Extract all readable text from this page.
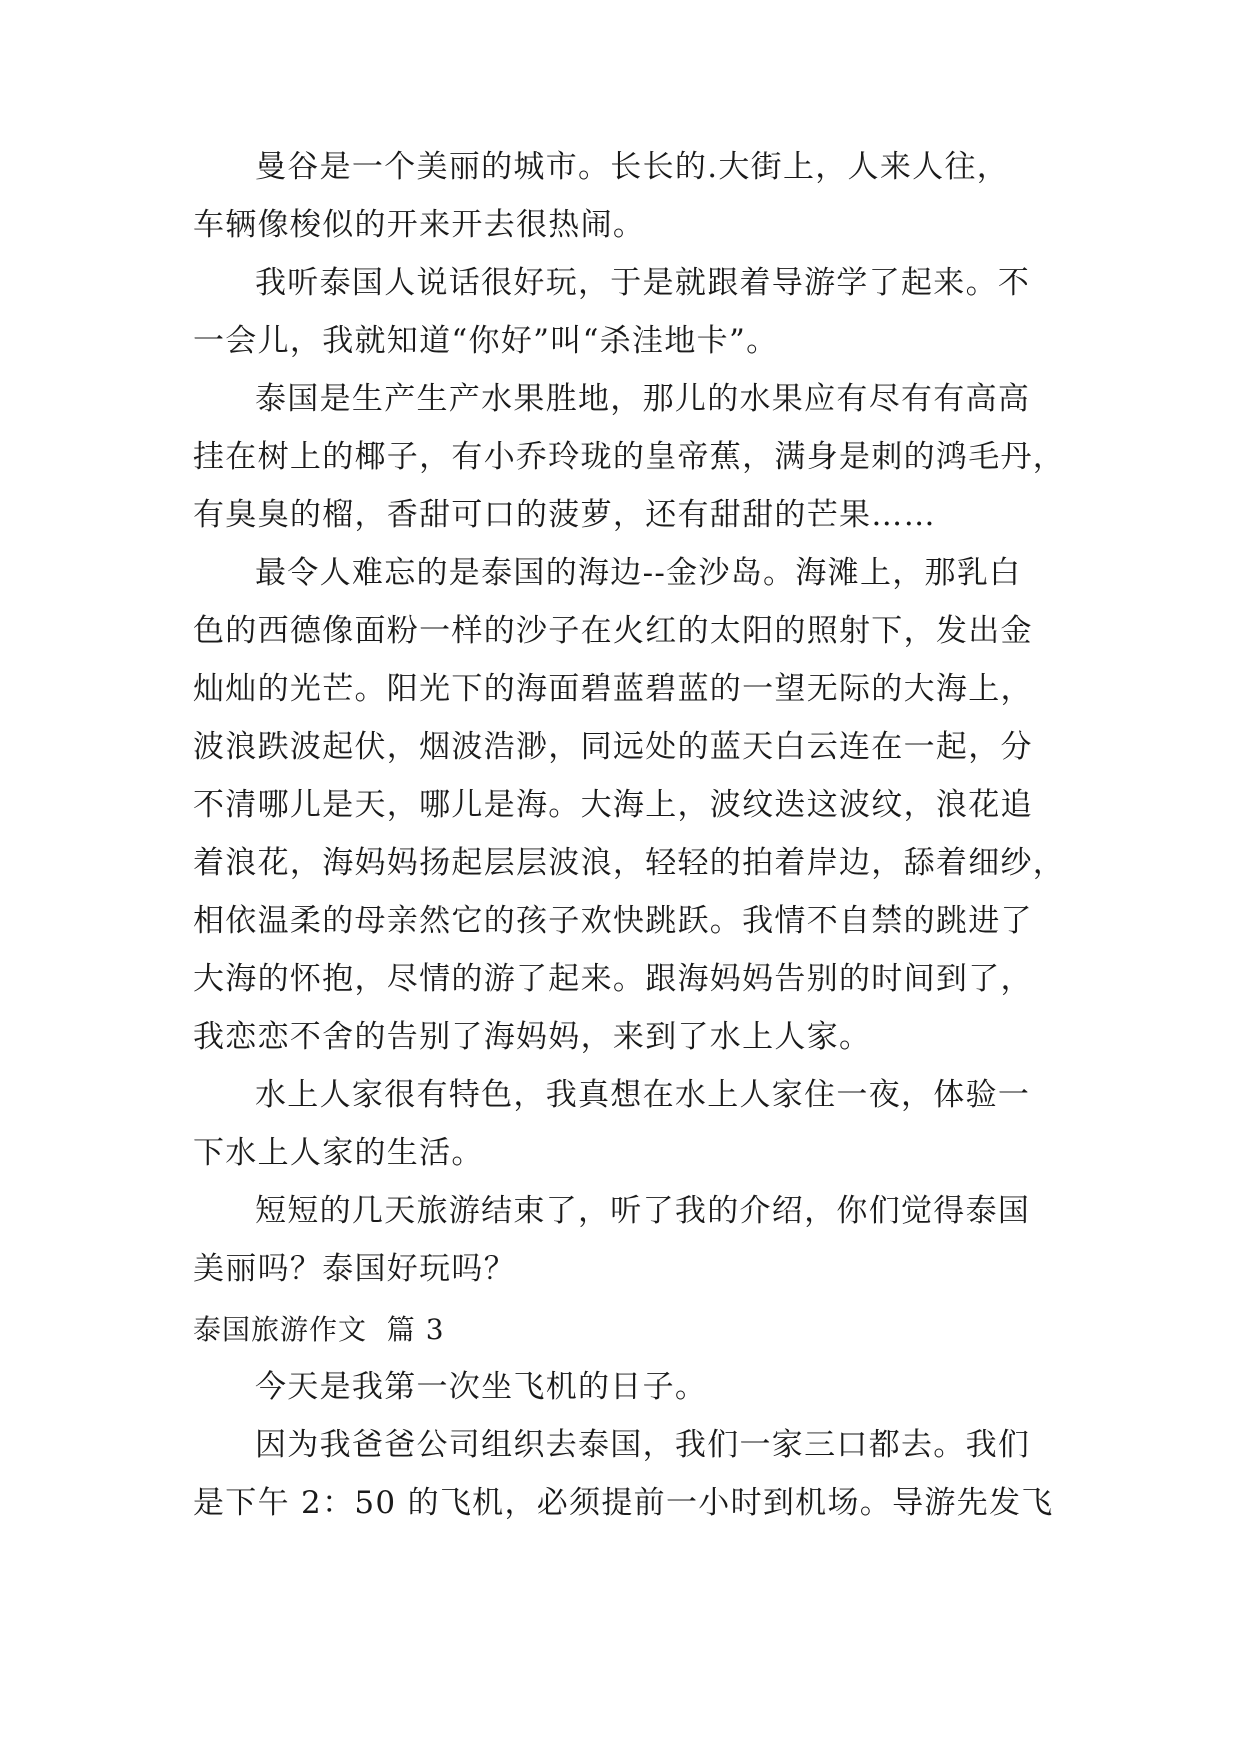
曼谷是一个美丽的城市。长长的.大街上，人来人往，
车辆像梭似的开来开去很热闹。
我听泰国人说话很好玩，于是就跟着导游学了起来。不
一会儿，我就知道“你好”叫“杀洼地卡”。
泰国是生产生产水果胜地，那儿的水果应有尽有有高高
挂在树上的椰子，有小乔玲珑的皇帝蕉，满身是刺的鸿毛丹，
有臭臭的榴，香甜可口的菠萝，还有甜甜的芒果……
最令人难忘的是泰国的海边--金沙岛。海滩上，那乳白
色的西德像面粉一样的沙子在火红的太阳的照射下，发出金
灿灿的光芒。阳光下的海面碧蓝碧蓝的一望无际的大海上，
波浪跌波起伏，烟波浩渺，同远处的蓝天白云连在一起，分
不清哪儿是天，哪儿是海。大海上，波纹迭这波纹，浪花追
着浪花，海妈妈扬起层层波浪，轻轻的拍着岸边，舔着细纱，
相依温柔的母亲然它的孩子欢快跳跃。我情不自禁的跳进了
大海的怀抱，尽情的游了起来。跟海妈妈告别的时间到了，
我恋恋不舍的告别了海妈妈，来到了水上人家。
水上人家很有特色，我真想在水上人家住一夜，体验一
下水上人家的生活。
短短的几天旅游结束了，听了我的介绍，你们觉得泰国
美丽吗？泰国好玩吗？
泰国旅游作文  篇 3
今天是我第一次坐飞机的日子。
因为我爸爸公司组织去泰国，我们一家三口都去。我们
是下午 2：50 的飞机，必须提前一小时到机场。导游先发飞
